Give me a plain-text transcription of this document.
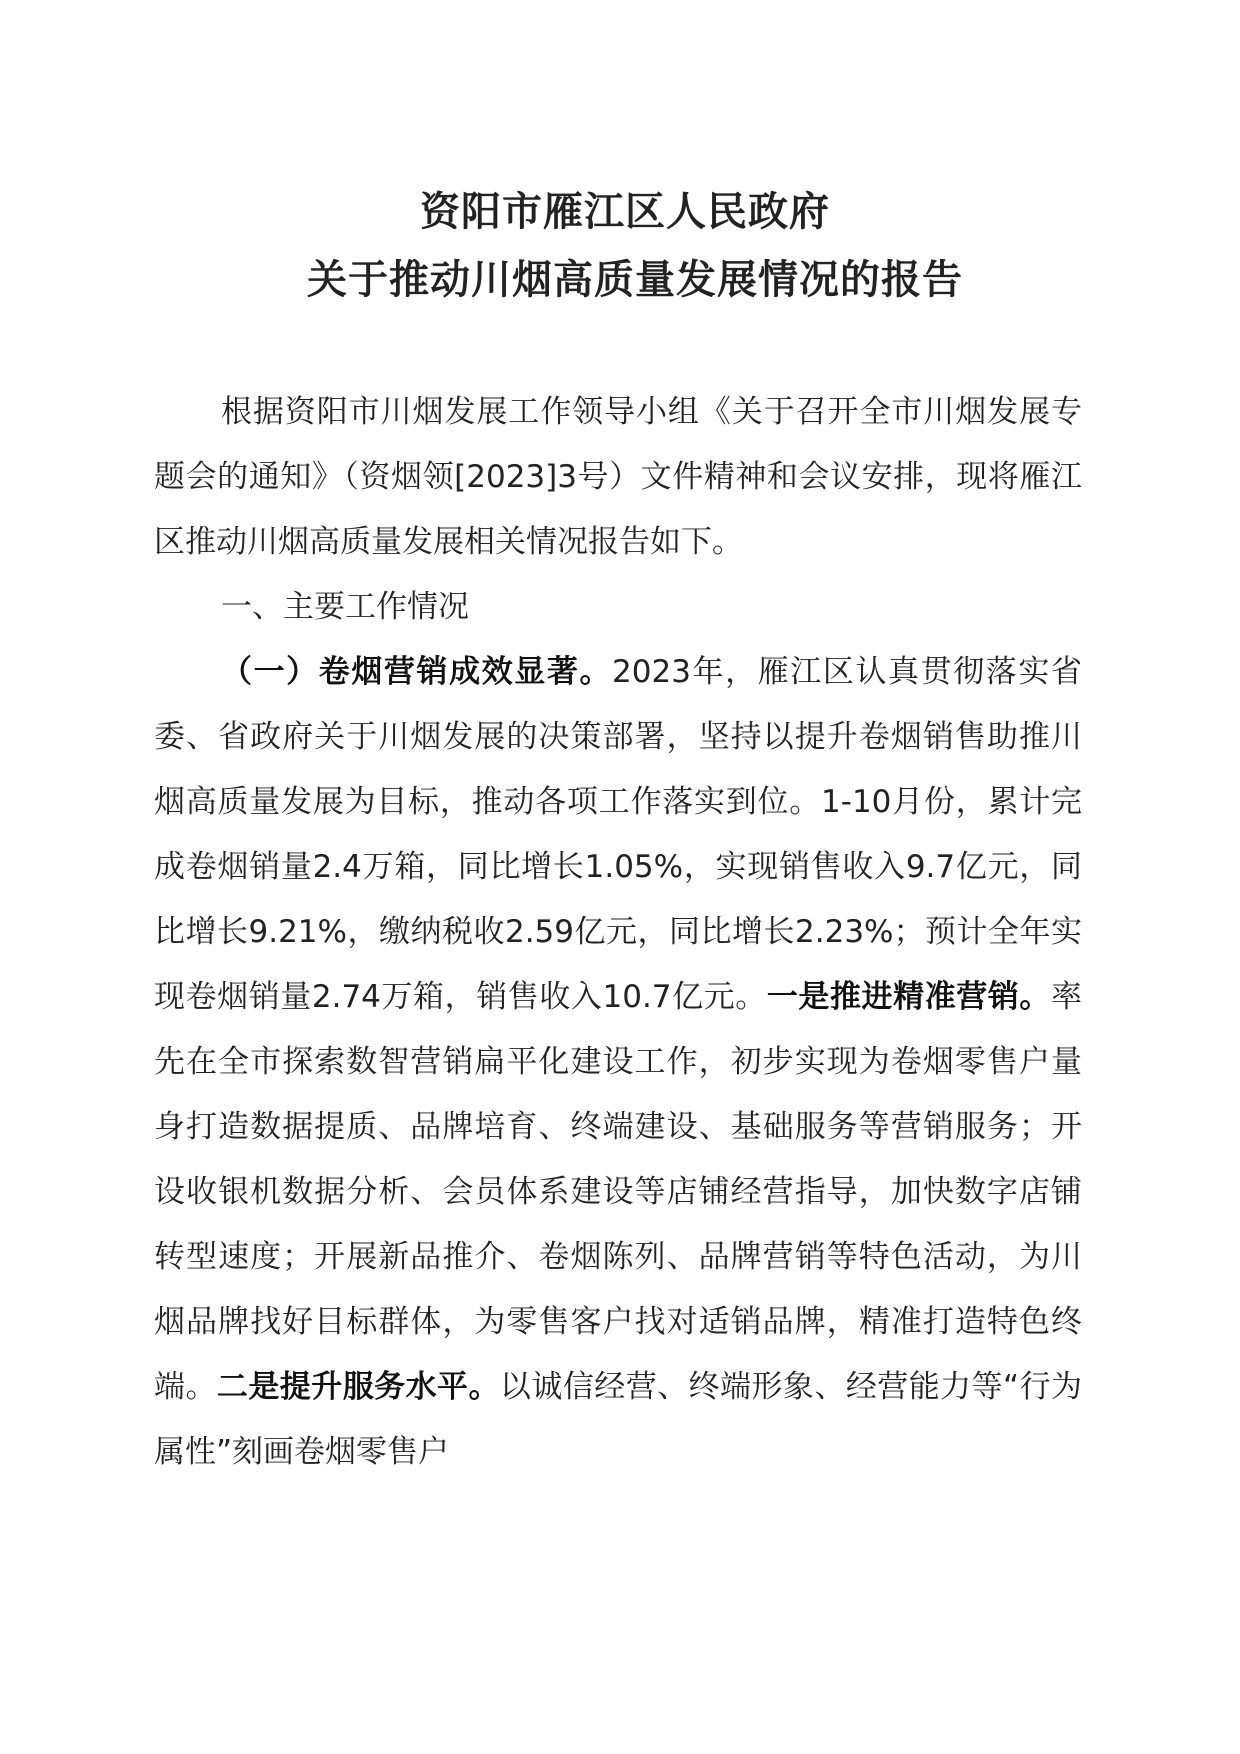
资阳市雁江区人民政府
关于推动川烟高质量发展情况的报告

根据资阳市川烟发展工作领导小组《关于召开全市川烟发展专题会的通知》（资烟领[2023]3号）文件精神和会议安排，现将雁江区推动川烟高质量发展相关情况报告如下。

一、主要工作情况

（一）卷烟营销成效显著。2023年，雁江区认真贯彻落实省委、省政府关于川烟发展的决策部署，坚持以提升卷烟销售助推川烟高质量发展为目标，推动各项工作落实到位。1-10月份，累计完成卷烟销量2.4万箱，同比增长1.05%，实现销售收入9.7亿元，同比增长9.21%，缴纳税收2.59亿元，同比增长2.23%；预计全年实现卷烟销量2.74万箱，销售收入10.7亿元。一是推进精准营销。率先在全市探索数智营销扁平化建设工作，初步实现为卷烟零售户量身打造数据提质、品牌培育、终端建设、基础服务等营销服务；开设收银机数据分析、会员体系建设等店铺经营指导，加快数字店铺转型速度；开展新品推介、卷烟陈列、品牌营销等特色活动，为川烟品牌找好目标群体，为零售客户找对适销品牌，精准打造特色终端。二是提升服务水平。以诚信经营、终端形象、经营能力等“行为属性”刻画卷烟零售户
